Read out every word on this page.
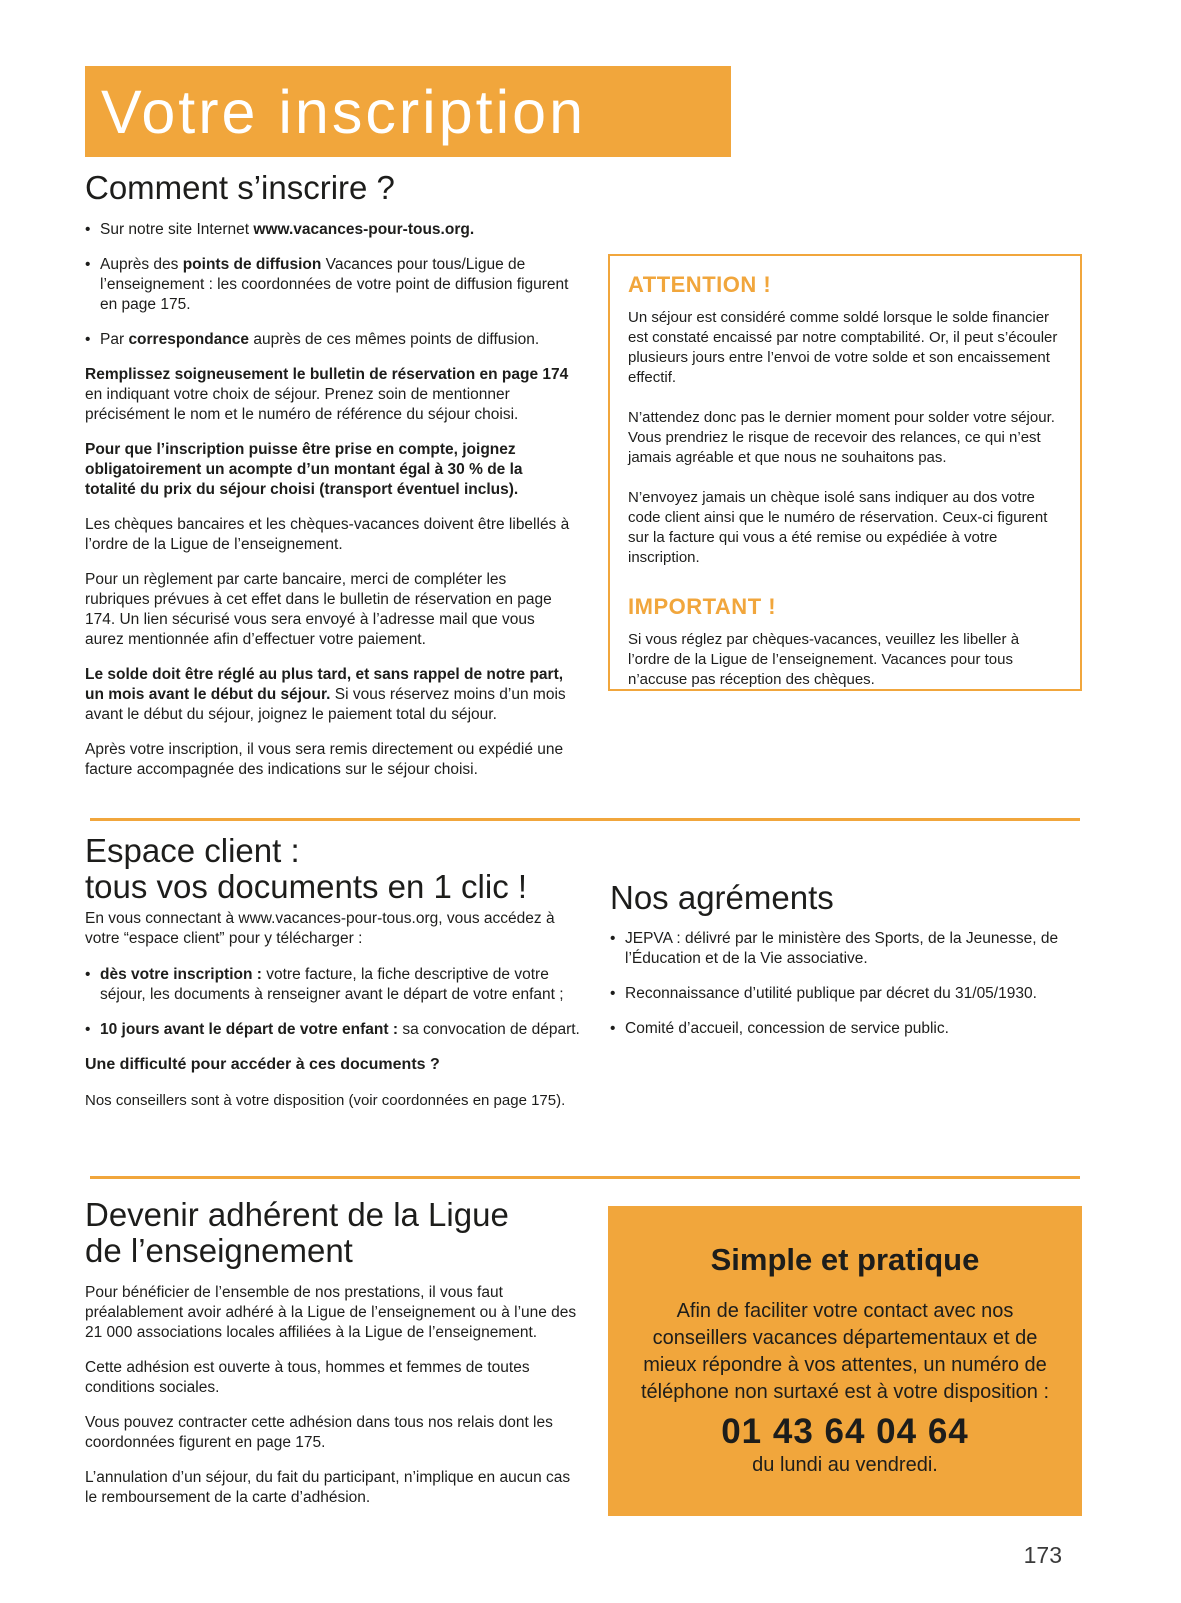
Votre inscription
Comment s’inscrire ?

• Sur notre site Internet www.vacances-pour-tous.org.

• Auprès des points de diffusion Vacances pour tous/Ligue de l’enseignement : les coordonnées de votre point de diffusion figurent en page 175.

• Par correspondance auprès de ces mêmes points de diffusion.

Remplissez soigneusement le bulletin de réservation en page 174 en indiquant votre choix de séjour. Prenez soin de mentionner précisément le nom et le numéro de référence du séjour choisi.

Pour que l’inscription puisse être prise en compte, joignez obligatoirement un acompte d’un montant égal à 30 % de la totalité du prix du séjour choisi (transport éventuel inclus).

Les chèques bancaires et les chèques-vacances doivent être libellés à l’ordre de la Ligue de l’enseignement.

Pour un règlement par carte bancaire, merci de compléter les rubriques prévues à cet effet dans le bulletin de réservation en page 174. Un lien sécurisé vous sera envoyé à l’adresse mail que vous aurez mentionnée afin d’effectuer votre paiement.

Le solde doit être réglé au plus tard, et sans rappel de notre part, un mois avant le début du séjour. Si vous réservez moins d’un mois avant le début du séjour, joignez le paiement total du séjour.

Après votre inscription, il vous sera remis directement ou expédié une facture accompagnée des indications sur le séjour choisi.

ATTENTION !

Un séjour est considéré comme soldé lorsque le solde financier est constaté encaissé par notre comptabilité. Or, il peut s’écouler plusieurs jours entre l’envoi de votre solde et son encaissement effectif.

N’attendez donc pas le dernier moment pour solder votre séjour. Vous prendriez le risque de recevoir des relances, ce qui n’est jamais agréable et que nous ne souhaitons pas.

N’envoyez jamais un chèque isolé sans indiquer au dos votre code client ainsi que le numéro de réservation. Ceux-ci figurent sur la facture qui vous a été remise ou expédiée à votre inscription.

IMPORTANT !

Si vous réglez par chèques-vacances, veuillez les libeller à l’ordre de la Ligue de l’enseignement. Vacances pour tous n’accuse pas réception des chèques.

Espace client :
tous vos documents en 1 clic !

En vous connectant à www.vacances-pour-tous.org, vous accédez à votre “espace client” pour y télécharger :

• dès votre inscription : votre facture, la fiche descriptive de votre séjour, les documents à renseigner avant le départ de votre enfant ;

• 10 jours avant le départ de votre enfant : sa convocation de départ.

Une difficulté pour accéder à ces documents ?

Nos conseillers sont à votre disposition (voir coordonnées en page 175).

Nos agréments

• JEPVA : délivré par le ministère des Sports, de la Jeunesse, de l’Éducation et de la Vie associative.

• Reconnaissance d’utilité publique par décret du 31/05/1930.

• Comité d’accueil, concession de service public.

Devenir adhérent de la Ligue
de l’enseignement

Pour bénéficier de l’ensemble de nos prestations, il vous faut préalablement avoir adhéré à la Ligue de l’enseignement ou à l’une des 21 000 associations locales affiliées à la Ligue de l’enseignement.

Cette adhésion est ouverte à tous, hommes et femmes de toutes conditions sociales.

Vous pouvez contracter cette adhésion dans tous nos relais dont les coordonnées figurent en page 175.

L’annulation d’un séjour, du fait du participant, n’implique en aucun cas le remboursement de la carte d’adhésion.

Simple et pratique

Afin de faciliter votre contact avec nos conseillers vacances départementaux et de mieux répondre à vos attentes, un numéro de téléphone non surtaxé est à votre disposition :

01 43 64 04 64

du lundi au vendredi.

173
